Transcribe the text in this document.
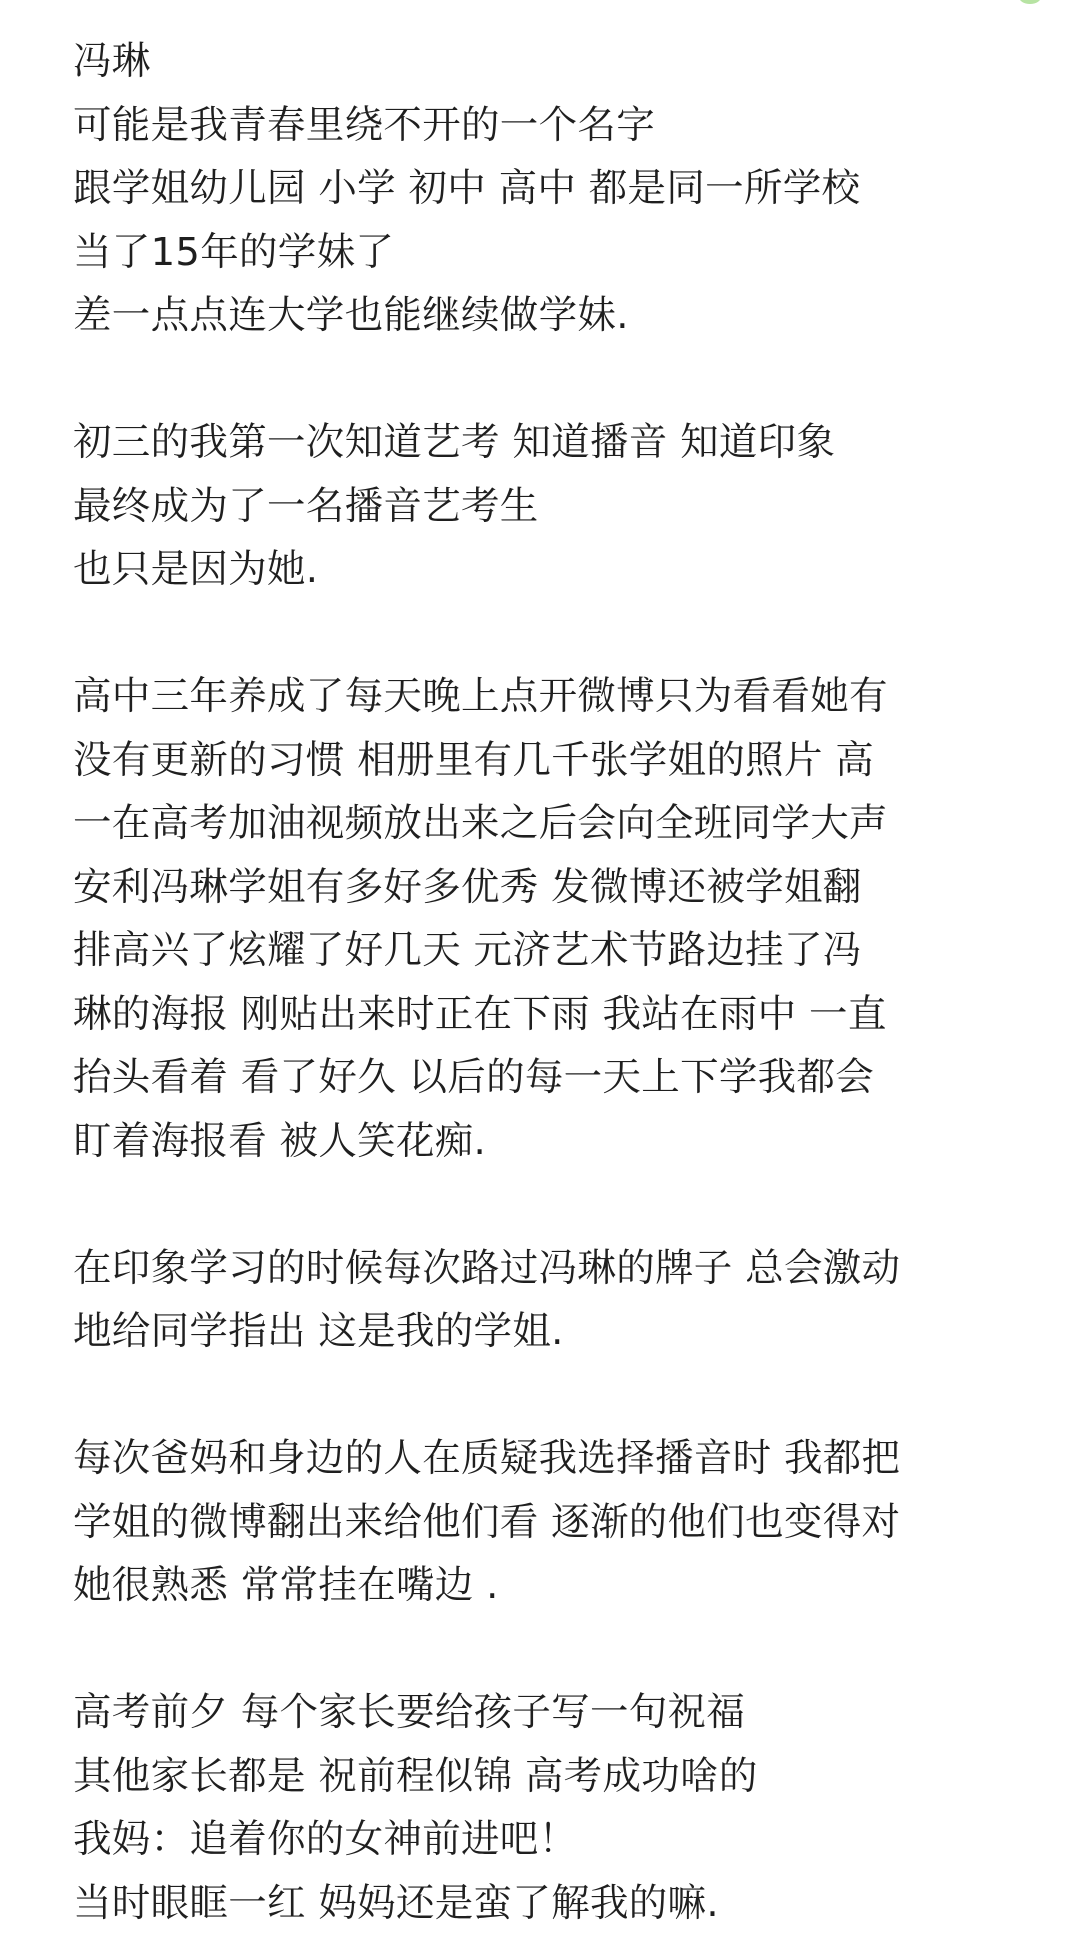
冯琳
可能是我青春里绕不开的一个名字
跟学姐幼儿园 小学 初中 高中 都是同一所学校
当了15年的学妹了
差一点点连大学也能继续做学妹.

初三的我第一次知道艺考 知道播音 知道印象
最终成为了一名播音艺考生
也只是因为她.

高中三年养成了每天晚上点开微博只为看看她有
没有更新的习惯 相册里有几千张学姐的照片 高
一在高考加油视频放出来之后会向全班同学大声
安利冯琳学姐有多好多优秀 发微博还被学姐翻
排高兴了炫耀了好几天 元济艺术节路边挂了冯
琳的海报 刚贴出来时正在下雨 我站在雨中 一直
抬头看着 看了好久 以后的每一天上下学我都会
盯着海报看 被人笑花痴.

在印象学习的时候每次路过冯琳的牌子 总会激动
地给同学指出 这是我的学姐.

每次爸妈和身边的人在质疑我选择播音时 我都把
学姐的微博翻出来给他们看 逐渐的他们也变得对
她很熟悉 常常挂在嘴边 .

高考前夕 每个家长要给孩子写一句祝福
其他家长都是 祝前程似锦 高考成功啥的
我妈：追着你的女神前进吧！
当时眼眶一红 妈妈还是蛮了解我的嘛.
